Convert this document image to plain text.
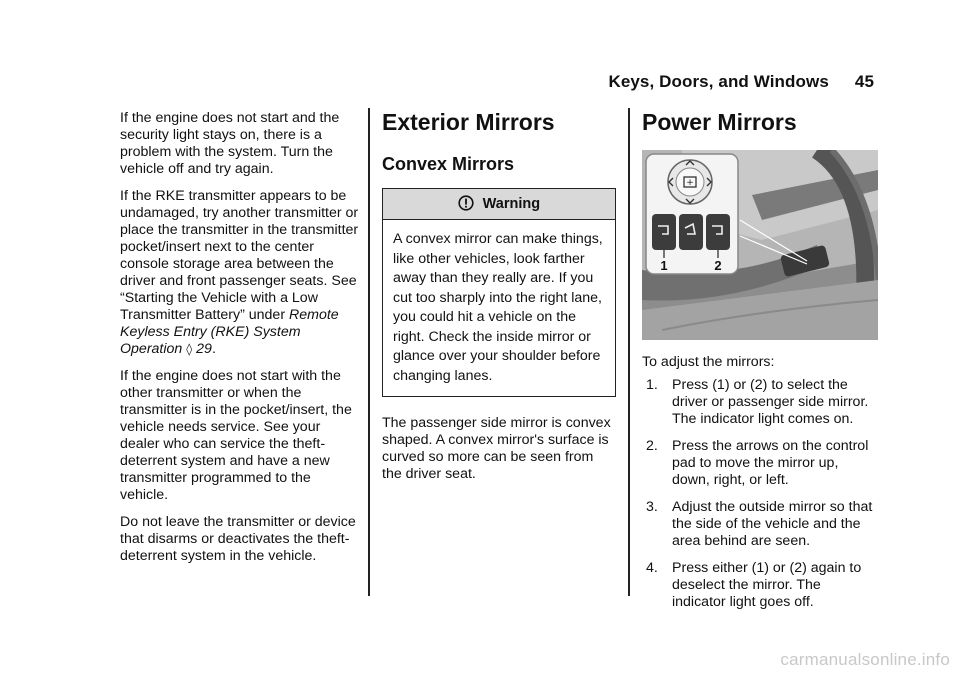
Keys, Doors, and Windows 45

If the engine does not start and the security light stays on, there is a problem with the system. Turn the vehicle off and try again.

If the RKE transmitter appears to be undamaged, try another transmitter or place the transmitter in the transmitter pocket/insert next to the center console storage area between the driver and front passenger seats. See “Starting the Vehicle with a Low Transmitter Battery” under Remote Keyless Entry (RKE) System Operation ◊ 29.

If the engine does not start with the other transmitter or when the transmitter is in the pocket/insert, the vehicle needs service. See your dealer who can service the theft-deterrent system and have a new transmitter programmed to the vehicle.

Do not leave the transmitter or device that disarms or deactivates the theft-deterrent system in the vehicle.

Exterior Mirrors
Convex Mirrors
Warning
A convex mirror can make things, like other vehicles, look farther away than they really are. If you cut too sharply into the right lane, you could hit a vehicle on the right. Check the inside mirror or glance over your shoulder before changing lanes.

The passenger side mirror is convex shaped. A convex mirror's surface is curved so more can be seen from the driver seat.

Power Mirrors
+
1	2

To adjust the mirrors:

1. Press (1) or (2) to select the driver or passenger side mirror. The indicator light comes on.
2. Press the arrows on the control pad to move the mirror up, down, right, or left.
3. Adjust the outside mirror so that the side of the vehicle and the area behind are seen.
4. Press either (1) or (2) again to deselect the mirror. The indicator light goes off.
carmanualsonline.info
